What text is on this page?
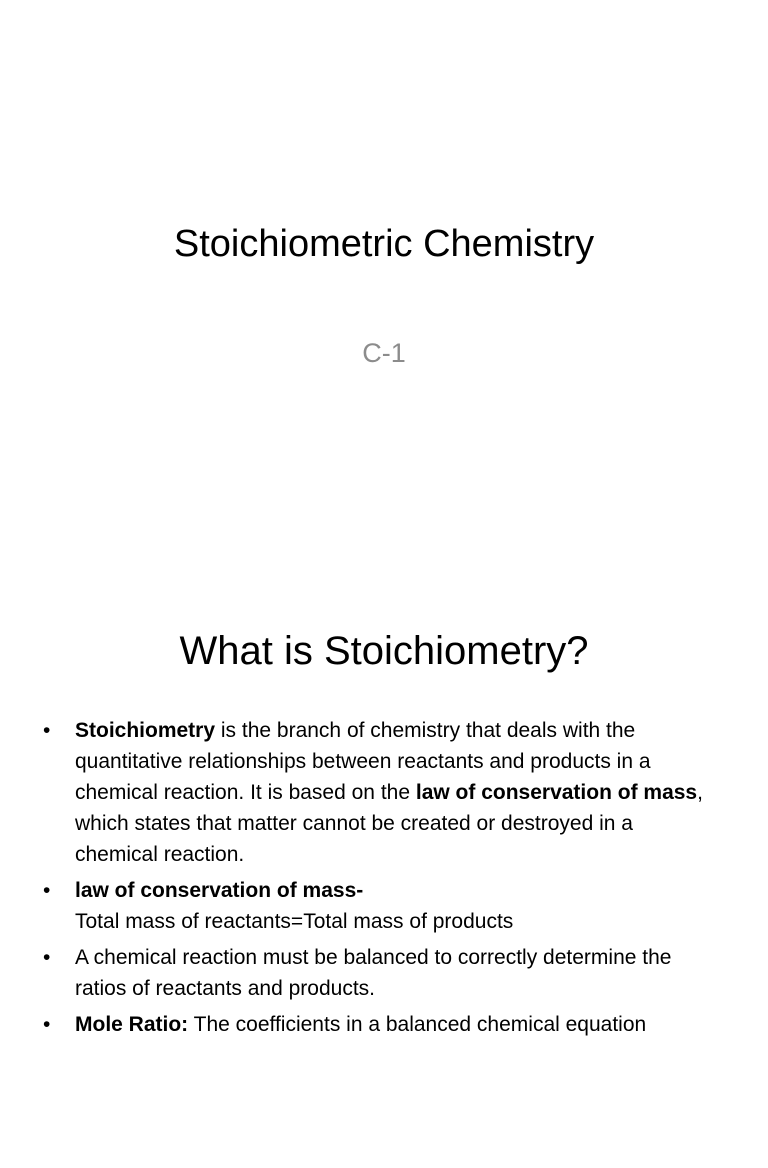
Stoichiometric Chemistry
C-1
What is Stoichiometry?
• Stoichiometry is the branch of chemistry that deals with the quantitative relationships between reactants and products in a chemical reaction. It is based on the law of conservation of mass, which states that matter cannot be created or destroyed in a chemical reaction.
• law of conservation of mass-
Total mass of reactants=Total mass of products
• A chemical reaction must be balanced to correctly determine the ratios of reactants and products.
• Mole Ratio: The coefficients in a balanced chemical equation
